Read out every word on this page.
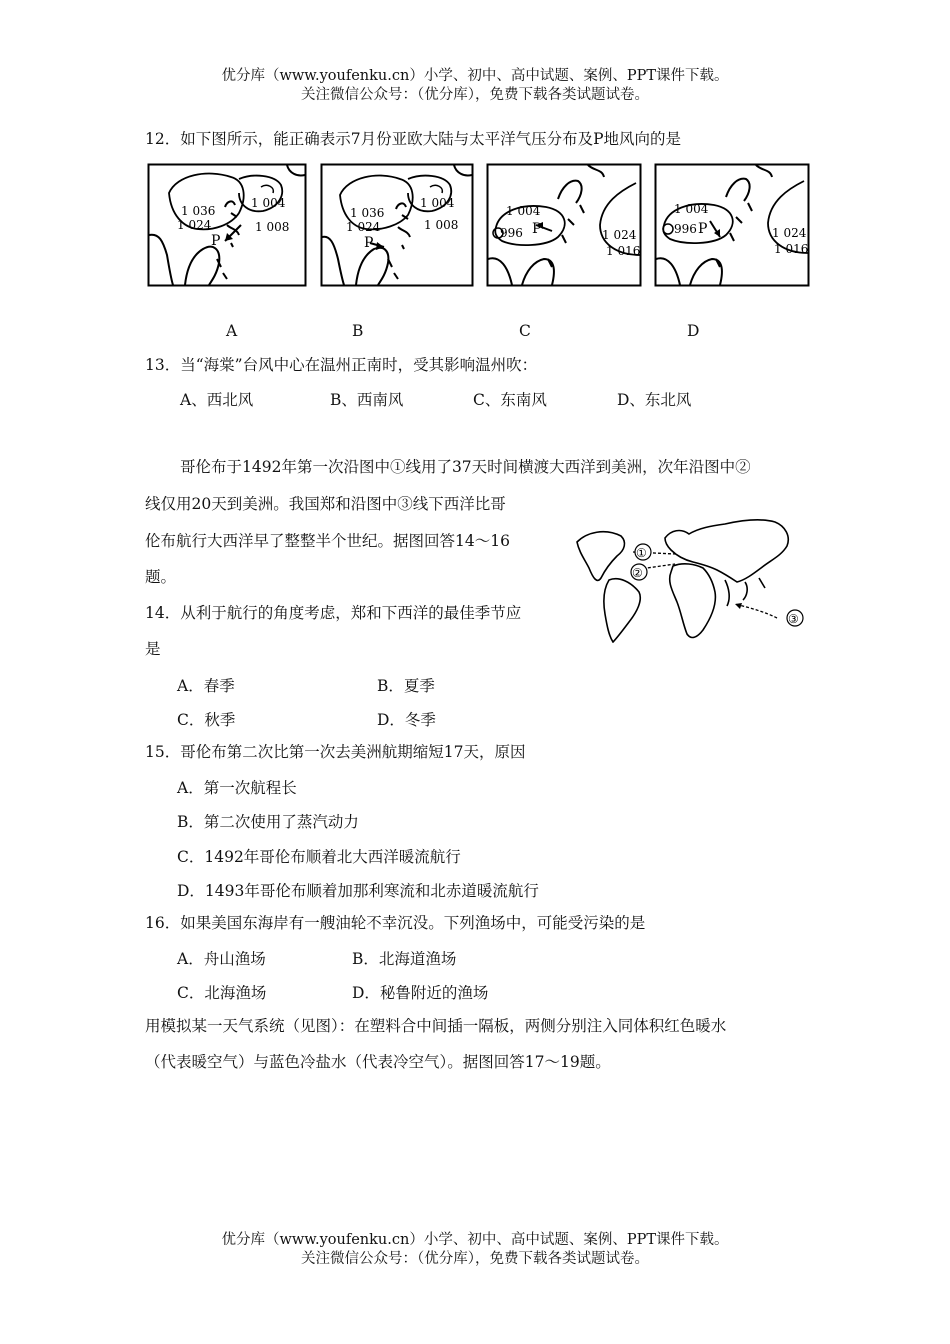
优分库（www.youfenku.cn）小学、初中、高中试题、案例、PPT课件下载。
关注微信公众号：（优分库），免费下载各类试题试卷。
12．如下图所示，能正确表示7月份亚欧大陆与太平洋气压分布及P地风向的是
1 036
1 024
1 004
1 008
P
1 036
1 024
1 004
1 008
P
1 004
996 P	1 024
1 016
1 004
996 P	1 024
1 016
A	B	C	D
13．当“海棠”台风中心在温州正南时，受其影响温州吹：
A、西北风	B、西南风	C、东南风	D、东北风
哥伦布于1492年第一次沿图中①线用了37天时间横渡大西洋到美洲，次年沿图中②
线仅用20天到美洲。我国郑和沿图中③线下西洋比哥
伦布航行大西洋早了整整半个世纪。据图回答14～16
题。
①
②
③
14．从利于航行的角度考虑，郑和下西洋的最佳季节应
是
A．春季	B．夏季
C．秋季	D．冬季
15．哥伦布第二次比第一次去美洲航期缩短17天，原因
A．第一次航程长
B．第二次使用了蒸汽动力
C．1492年哥伦布顺着北大西洋暖流航行
D．1493年哥伦布顺着加那利寒流和北赤道暖流航行
16．如果美国东海岸有一艘油轮不幸沉没。下列渔场中，可能受污染的是
A．舟山渔场	B．北海道渔场
C．北海渔场	D．秘鲁附近的渔场
用模拟某一天气系统（见图）：在塑料合中间插一隔板，两侧分别注入同体积红色暖水
（代表暖空气）与蓝色冷盐水（代表冷空气）。据图回答17～19题。
优分库（www.youfenku.cn）小学、初中、高中试题、案例、PPT课件下载。
关注微信公众号：（优分库），免费下载各类试题试卷。
